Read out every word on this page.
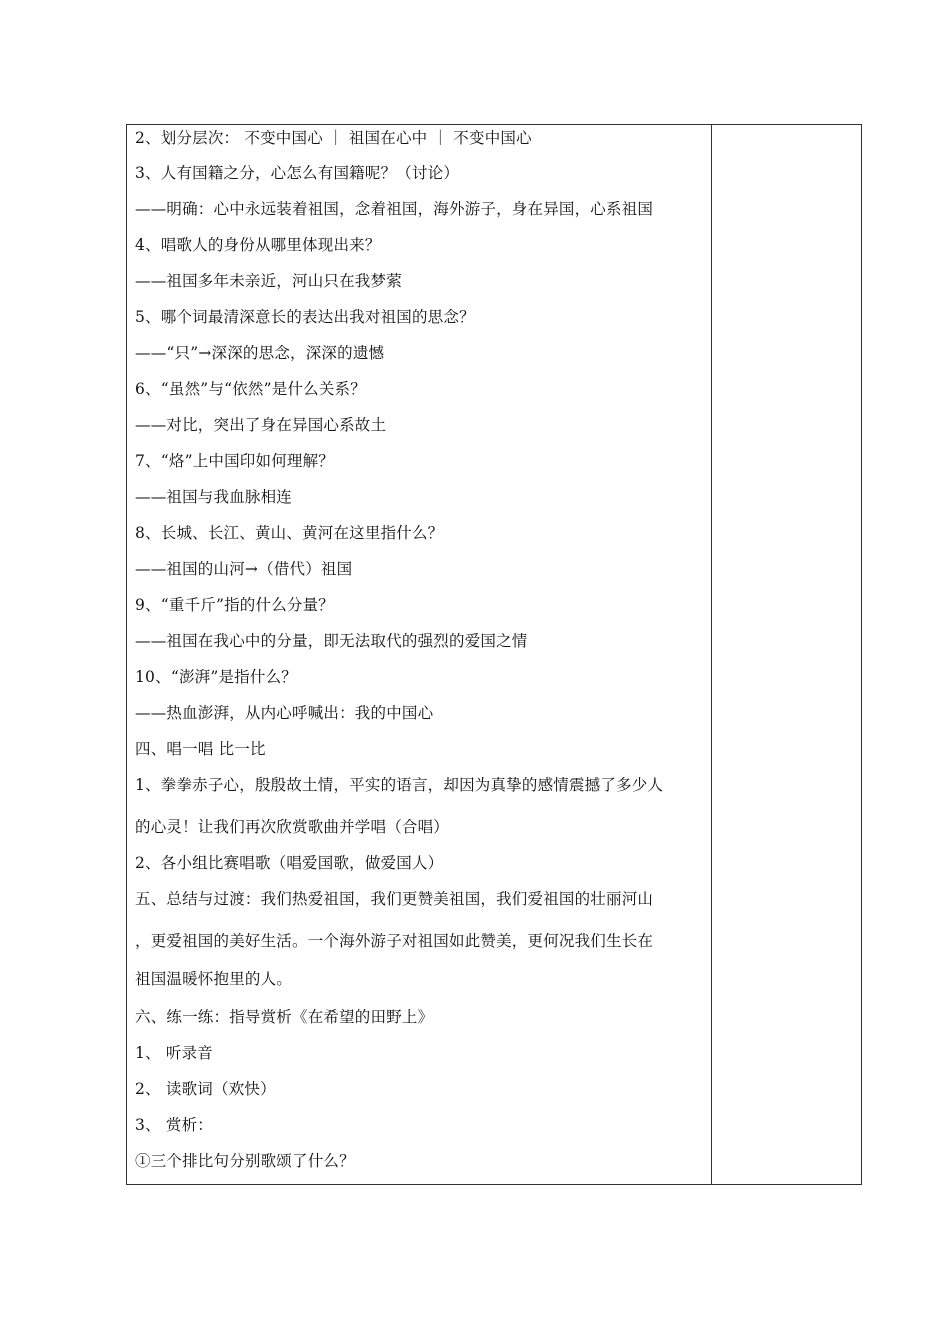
2、划分层次： 不变中国心 ｜ 祖国在心中 ｜ 不变中国心
3、人有国籍之分，心怎么有国籍呢？（讨论）
——明确：心中永远装着祖国，念着祖国，海外游子，身在异国，心系祖国
4、唱歌人的身份从哪里体现出来？
——祖国多年未亲近，河山只在我梦萦
5、哪个词最清深意长的表达出我对祖国的思念？
——“只”→深深的思念，深深的遗憾
6、“虽然”与“依然”是什么关系？
——对比，突出了身在异国心系故土
7、“烙”上中国印如何理解？
——祖国与我血脉相连
8、长城、长江、黄山、黄河在这里指什么？
——祖国的山河→（借代）祖国
9、“重千斤”指的什么分量？
——祖国在我心中的分量，即无法取代的强烈的爱国之情
10、“澎湃”是指什么？
——热血澎湃，从内心呼喊出：我的中国心
四、唱一唱 比一比
1、拳拳赤子心，殷殷故土情，平实的语言，却因为真挚的感情震撼了多少人
的心灵！让我们再次欣赏歌曲并学唱（合唱）
2、各小组比赛唱歌（唱爱国歌，做爱国人）
五、总结与过渡：我们热爱祖国，我们更赞美祖国，我们爱祖国的壮丽河山
，更爱祖国的美好生活。一个海外游子对祖国如此赞美，更何况我们生长在
祖国温暖怀抱里的人。
六、练一练：指导赏析《在希望的田野上》
1、 听录音
2、 读歌词（欢快）
3、 赏析：
①三个排比句分别歌颂了什么？
